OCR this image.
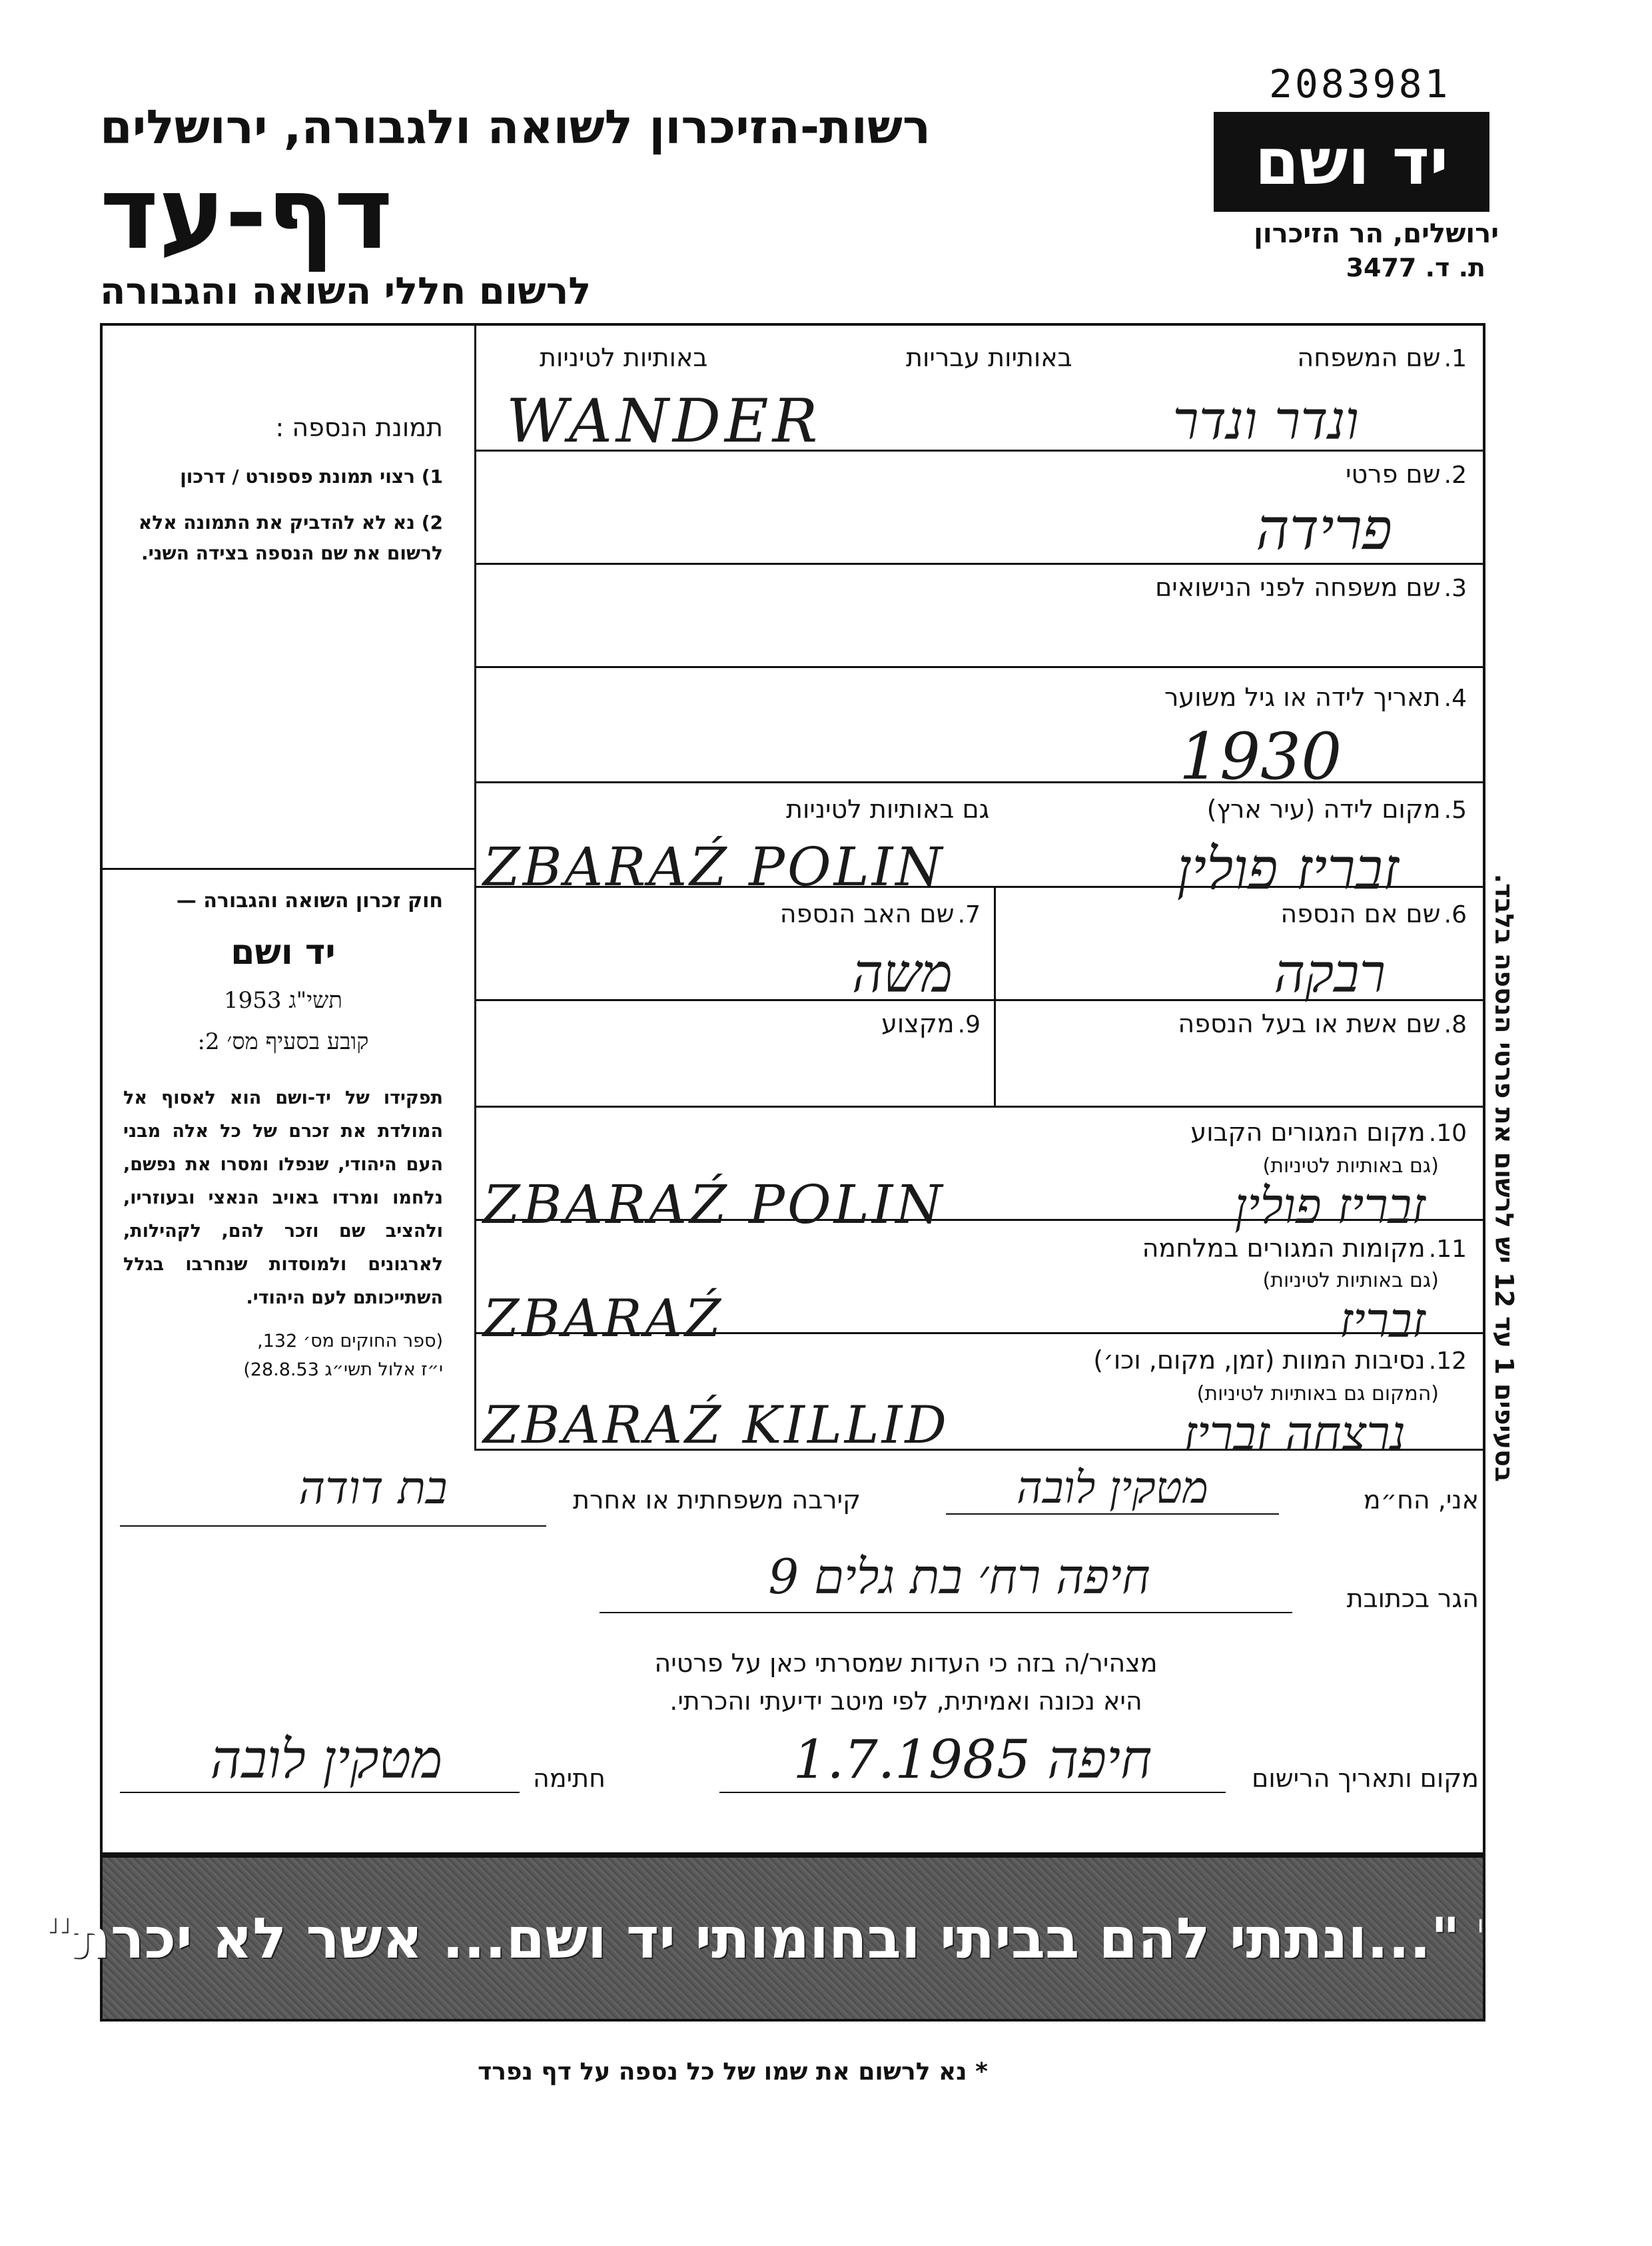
2083981
רשות-הזיכרון לשואה ולגבורה, ירושלים
דף-עד
לרשום חללי השואה והגבורה
יד ושם
ירושלים, הר הזיכרון
ת. ד. 3477
1. שם המשפחה
באותיות עבריות
באותיות לטיניות
WANDER	ונדר ונדר
2. שם פרטי
פרידה
3. שם משפחה לפני הנישואים
4. תאריך לידה או גיל משוער
1930
5. מקום לידה (עיר ארץ)
גם באותיות לטיניות
ZBARAŹ POLIN	זבריז פולין
6. שם אם הנספה
רבקה
7. שם האב הנספה
משה
8. שם אשת או בעל הנספה
9. מקצוע
10. מקום המגורים הקבוע
(גם באותיות לטיניות)
ZBARAŹ POLIN	זבריז פולין
11. מקומות המגורים במלחמה
(גם באותיות לטיניות)
ZBARAŹ	זבריז
12. נסיבות המוות (זמן, מקום, וכו׳)
(המקום גם באותיות לטיניות)
ZBARAŹ KILLID	נרצחה זבריז
תמונת הנספה :
1) רצוי תמונת פספורט / דרכון
2) נא לא להדביק את התמונה אלא לרשום את שם הנספה בצידה השני.
חוק זכרון השואה והגבורה —
יד ושם
תשי"ג 1953
קובע בסעיף מס׳ 2:
תפקידו של יד-ושם הוא לאסוף אל המולדת את זכרם של כל אלה מבני העם היהודי, שנפלו ומסרו את נפשם, נלחמו ומרדו באויב הנאצי ובעוזריו, ולהציב שם וזכר להם, לקהילות, לארגונים ולמוסדות שנחרבו בגלל השתייכותם לעם היהודי.
(ספר החוקים מס׳ 132,
י״ז אלול תשי״ג 28.8.53)
בסעיפים 1 עד 12 יש לרשום את פרטי הנספה בלבד.
אני, הח״מ
מטקין לובה
קירבה משפחתית או אחרת
בת דודה
הגר בכתובת
חיפה רח׳ בת גלים 9
מצהיר/ה בזה כי העדות שמסרתי כאן על פרטיה
היא נכונה ואמיתית, לפי מיטב ידיעתי והכרתי.
מקום ותאריך הרישום
חיפה 1.7.1985
חתימה
מטקין לובה
"...ונתתי להם בביתי ובחומותי יד ושם... אשר לא יכרת" ישעיהו נו, ה
* נא לרשום את שמו של כל נספה על דף נפרד
